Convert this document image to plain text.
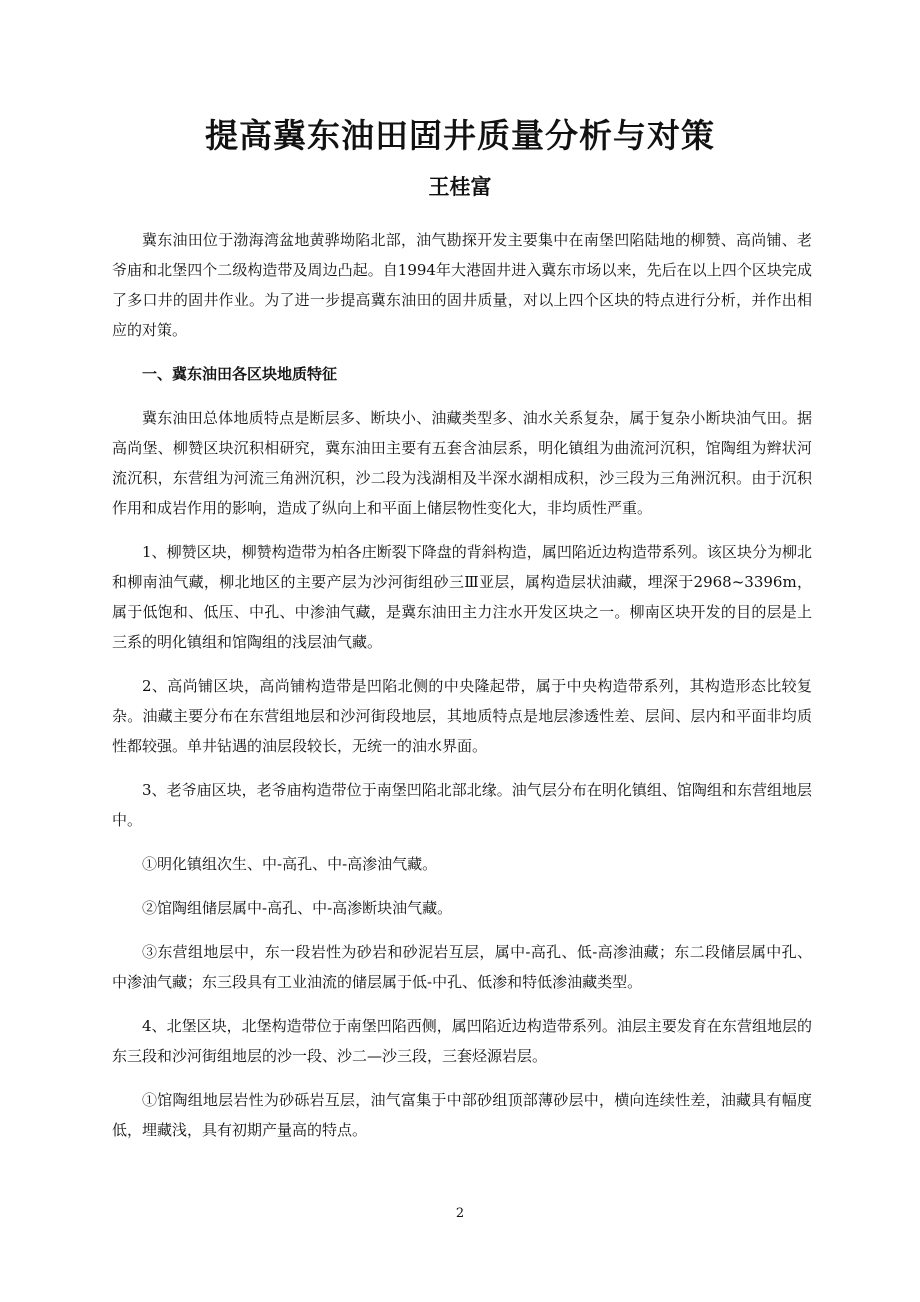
提高冀东油田固井质量分析与对策
王桂富

冀东油田位于渤海湾盆地黄骅坳陷北部，油气勘探开发主要集中在南堡凹陷陆地的柳赞、高尚铺、老爷庙和北堡四个二级构造带及周边凸起。自1994年大港固井进入冀东市场以来，先后在以上四个区块完成了多口井的固井作业。为了进一步提高冀东油田的固井质量，对以上四个区块的特点进行分析，并作出相应的对策。

一、冀东油田各区块地质特征

冀东油田总体地质特点是断层多、断块小、油藏类型多、油水关系复杂，属于复杂小断块油气田。据高尚堡、柳赞区块沉积相研究，冀东油田主要有五套含油层系，明化镇组为曲流河沉积，馆陶组为辫状河流沉积，东营组为河流三角洲沉积，沙二段为浅湖相及半深水湖相成积，沙三段为三角洲沉积。由于沉积作用和成岩作用的影响，造成了纵向上和平面上储层物性变化大，非均质性严重。

1、柳赞区块，柳赞构造带为柏各庄断裂下降盘的背斜构造，属凹陷近边构造带系列。该区块分为柳北和柳南油气藏，柳北地区的主要产层为沙河街组砂三Ⅲ亚层，属构造层状油藏，埋深于2968~3396m，属于低饱和、低压、中孔、中渗油气藏，是冀东油田主力注水开发区块之一。柳南区块开发的目的层是上三系的明化镇组和馆陶组的浅层油气藏。

2、高尚铺区块，高尚铺构造带是凹陷北侧的中央隆起带，属于中央构造带系列，其构造形态比较复杂。油藏主要分布在东营组地层和沙河街段地层，其地质特点是地层渗透性差、层间、层内和平面非均质性都较强。单井钻遇的油层段较长，无统一的油水界面。

3、老爷庙区块，老爷庙构造带位于南堡凹陷北部北缘。油气层分布在明化镇组、馆陶组和东营组地层中。

①明化镇组次生、中-高孔、中-高渗油气藏。

②馆陶组储层属中-高孔、中-高渗断块油气藏。

③东营组地层中，东一段岩性为砂岩和砂泥岩互层，属中-高孔、低-高渗油藏；东二段储层属中孔、中渗油气藏；东三段具有工业油流的储层属于低-中孔、低渗和特低渗油藏类型。

4、北堡区块，北堡构造带位于南堡凹陷西侧，属凹陷近边构造带系列。油层主要发育在东营组地层的东三段和沙河街组地层的沙一段、沙二—沙三段，三套烃源岩层。

①馆陶组地层岩性为砂砾岩互层，油气富集于中部砂组顶部薄砂层中，横向连续性差，油藏具有幅度低，埋藏浅，具有初期产量高的特点。

2
